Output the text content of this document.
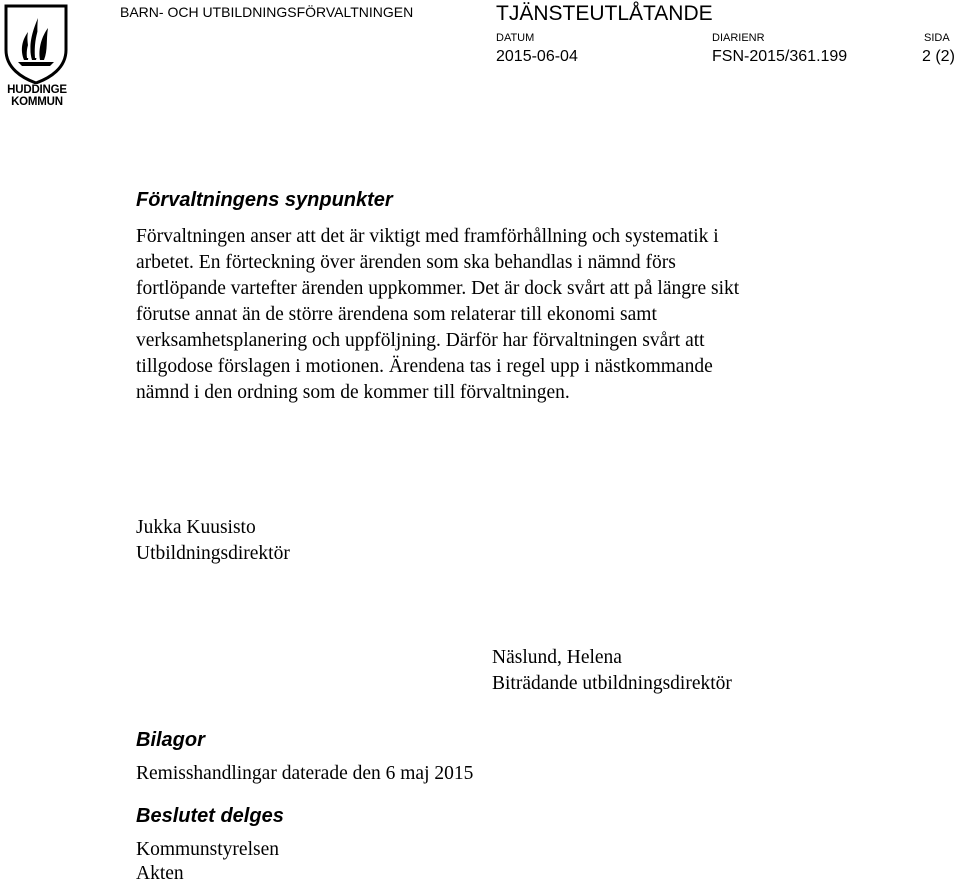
HUDDINGE
KOMMUN
BARN- OCH UTBILDNINGSFÖRVALTNINGEN	TJÄNSTEUTLÅTANDE
DATUM	DIARIENR	SIDA
2015-06-04	FSN-2015/361.199	2 (2)
Förvaltningens synpunkter
Förvaltningen anser att det är viktigt med framförhållning och systematik i
arbetet. En förteckning över ärenden som ska behandlas i nämnd förs
fortlöpande vartefter ärenden uppkommer. Det är dock svårt att på längre sikt
förutse annat än de större ärendena som relaterar till ekonomi samt
verksamhetsplanering och uppföljning. Därför har förvaltningen svårt att
tillgodose förslagen i motionen. Ärendena tas i regel upp i nästkommande
nämnd i den ordning som de kommer till förvaltningen.
Jukka Kuusisto
Utbildningsdirektör
Näslund, Helena
Biträdande utbildningsdirektör
Bilagor
Remisshandlingar daterade den 6 maj 2015
Beslutet delges
Kommunstyrelsen
Akten
